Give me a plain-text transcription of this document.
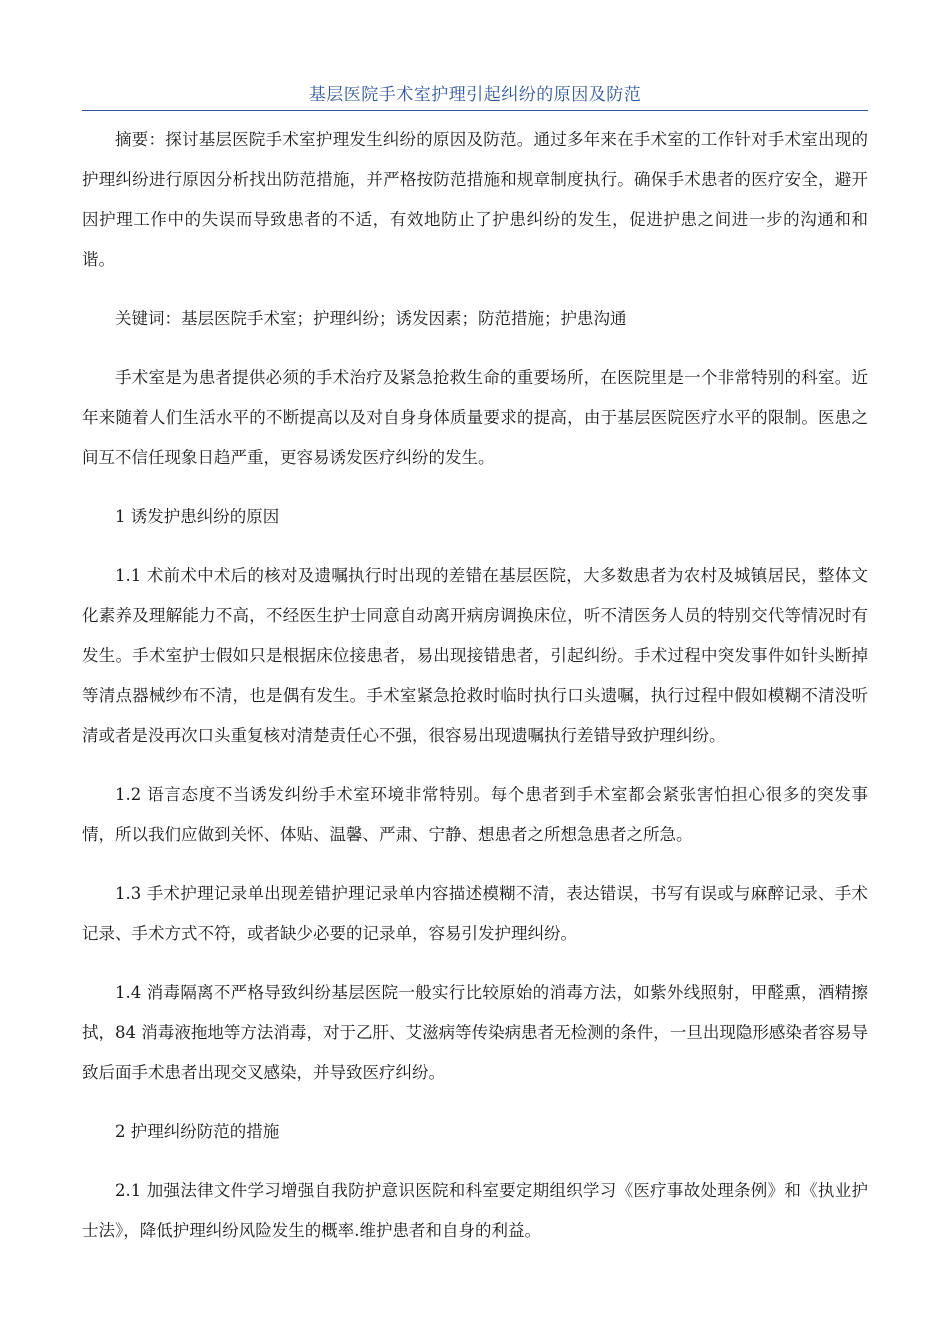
基层医院手术室护理引起纠纷的原因及防范

摘要：探讨基层医院手术室护理发生纠纷的原因及防范。通过多年来在手术室的工作针对手术室出现的护理纠纷进行原因分析找出防范措施，并严格按防范措施和规章制度执行。确保手术患者的医疗安全，避开因护理工作中的失误而导致患者的不适，有效地防止了护患纠纷的发生，促进护患之间进一步的沟通和和谐。

关键词：基层医院手术室；护理纠纷；诱发因素；防范措施；护患沟通

手术室是为患者提供必须的手术治疗及紧急抢救生命的重要场所，在医院里是一个非常特别的科室。近年来随着人们生活水平的不断提高以及对自身身体质量要求的提高，由于基层医院医疗水平的限制。医患之间互不信任现象日趋严重，更容易诱发医疗纠纷的发生。

1 诱发护患纠纷的原因

1.1 术前术中术后的核对及遗嘱执行时出现的差错在基层医院，大多数患者为农村及城镇居民，整体文化素养及理解能力不高，不经医生护士同意自动离开病房调换床位，听不清医务人员的特别交代等情况时有发生。手术室护士假如只是根据床位接患者，易出现接错患者，引起纠纷。手术过程中突发事件如针头断掉等清点器械纱布不清，也是偶有发生。手术室紧急抢救时临时执行口头遗嘱，执行过程中假如模糊不清没听清或者是没再次口头重复核对清楚责任心不强，很容易出现遗嘱执行差错导致护理纠纷。

1.2 语言态度不当诱发纠纷手术室环境非常特别。每个患者到手术室都会紧张害怕担心很多的突发事情，所以我们应做到关怀、体贴、温馨、严肃、宁静、想患者之所想急患者之所急。

1.3 手术护理记录单出现差错护理记录单内容描述模糊不清，表达错误，书写有误或与麻醉记录、手术记录、手术方式不符，或者缺少必要的记录单，容易引发护理纠纷。

1.4 消毒隔离不严格导致纠纷基层医院一般实行比较原始的消毒方法，如紫外线照射，甲醛熏，酒精擦拭，84 消毒液拖地等方法消毒，对于乙肝、艾滋病等传染病患者无检测的条件，一旦出现隐形感染者容易导致后面手术患者出现交叉感染，并导致医疗纠纷。

2 护理纠纷防范的措施

2.1 加强法律文件学习增强自我防护意识医院和科室要定期组织学习《医疗事故处理条例》和《执业护士法》，降低护理纠纷风险发生的概率.维护患者和自身的利益。
